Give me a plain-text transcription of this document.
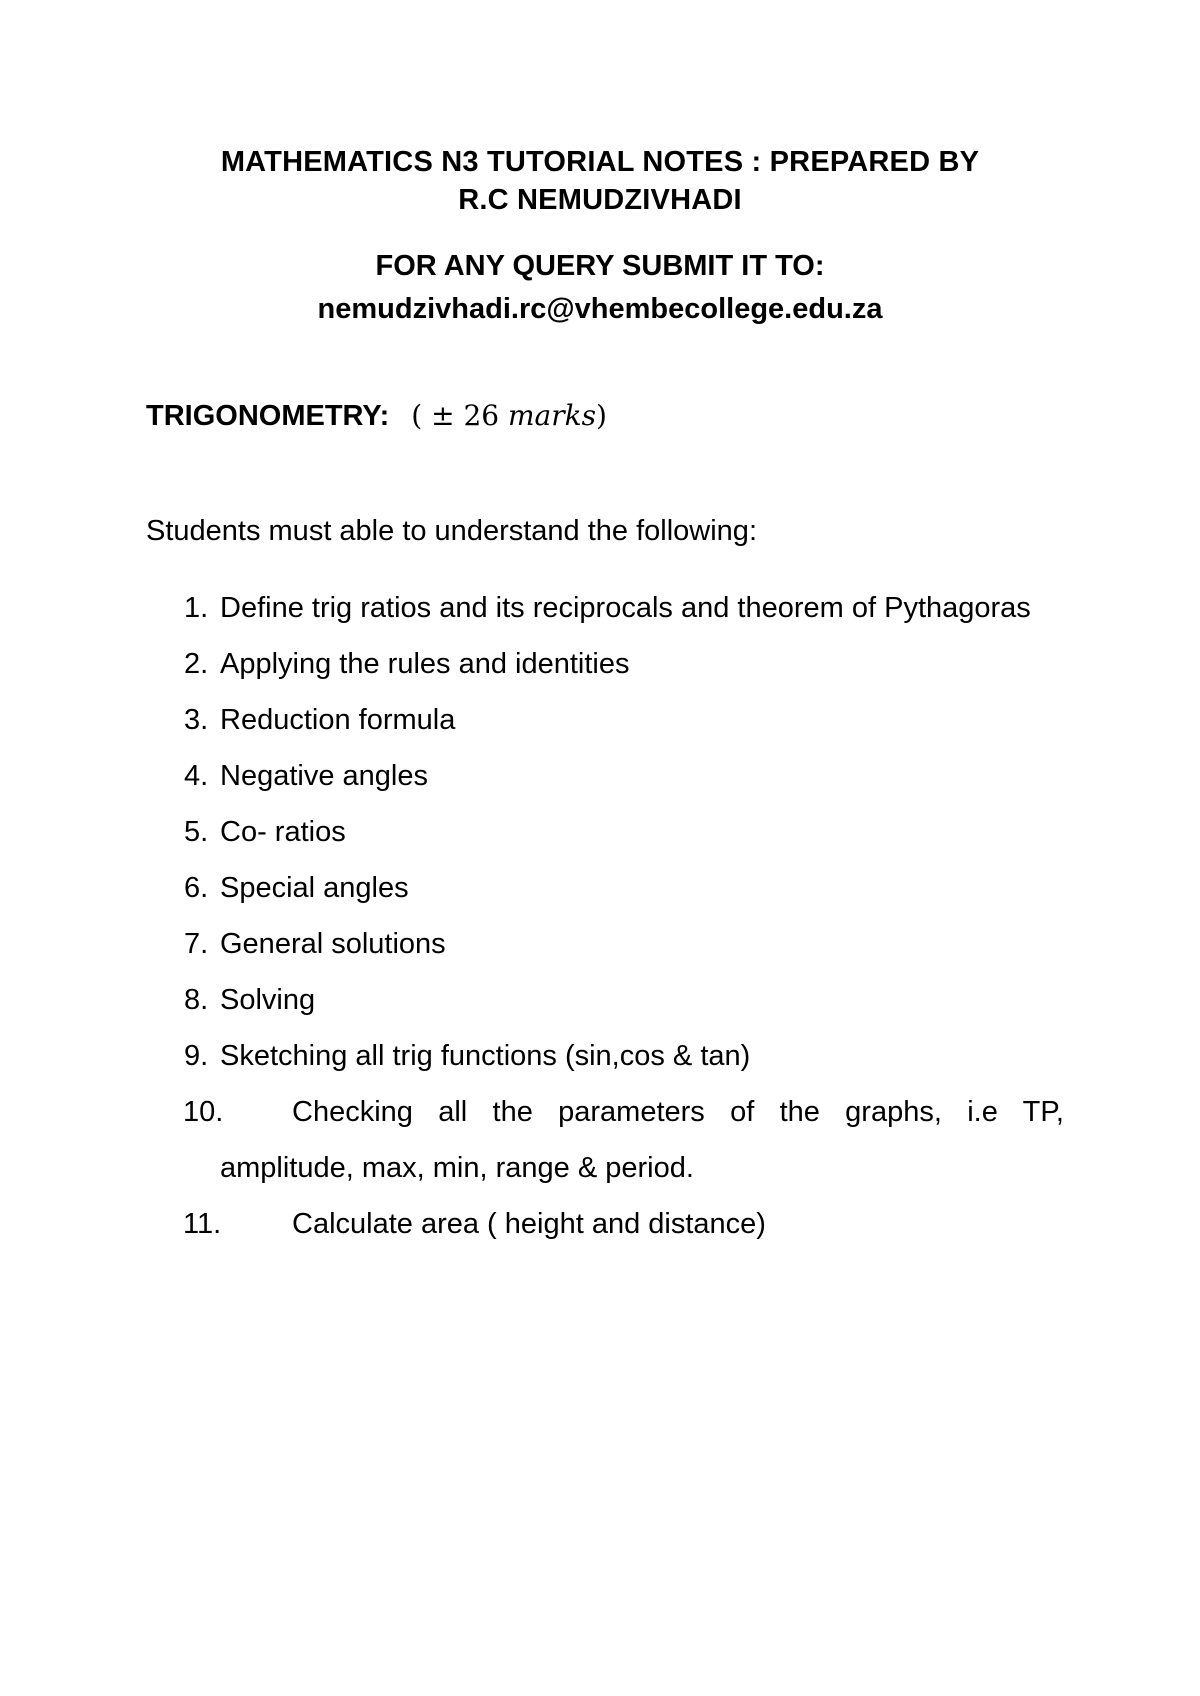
MATHEMATICS N3 TUTORIAL NOTES : PREPARED BY
R.C NEMUDZIVHADI
FOR ANY QUERY SUBMIT IT TO:
nemudzivhadi.rc@vhembecollege.edu.za
TRIGONOMETRY: ( ± 26 marks)
Students must able to understand the following:
1. Define trig ratios and its reciprocals and theorem of Pythagoras
2. Applying the rules and identities
3. Reduction formula
4. Negative angles
5. Co- ratios
6. Special angles
7. General solutions
8. Solving
9. Sketching all trig functions (sin,cos & tan)
10.	Checking all the parameters of the graphs, i.e TP, amplitude, max, min, range & period.
11.	Calculate area ( height and distance)
